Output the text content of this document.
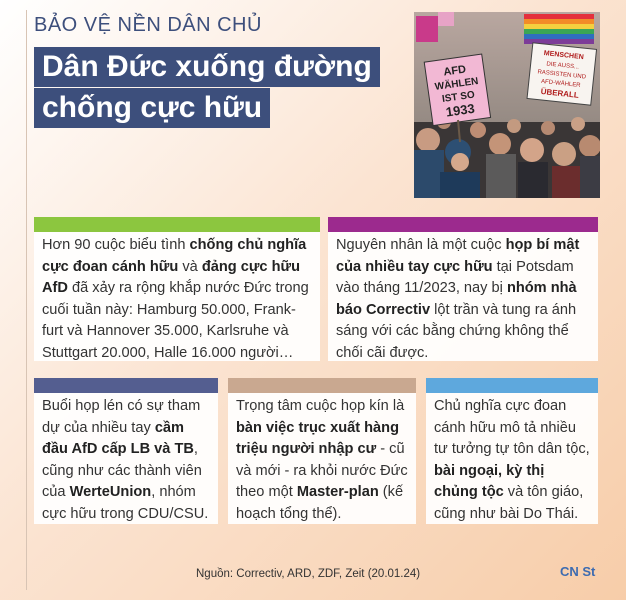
BẢO VỆ NỀN DÂN CHỦ
Dân Đức xuống đường
chống cực hữu
AFD
WÄHLEN
IST SO
1933
MENSCHEN
DIE AUSS...
RASSISTEN UND
AFD-WÄHLER
ÜBERALL
Hơn 90 cuộc biểu tình chống chủ nghĩa cực đoan cánh hữu và đảng cực hữu AfD đã xảy ra rộng khắp nước Đức trong cuối tuần này: Hamburg 50.000, Frank-furt và Hannover 35.000, Karlsruhe và Stuttgart 20.000, Halle 16.000 người…
Nguyên nhân là một cuộc họp bí mật của nhiều tay cực hữu tại Potsdam vào tháng 11/2023, nay bị nhóm nhà báo Correctiv lột trần và tung ra ánh sáng với các bằng chứng không thể chối cãi được.
Buổi họp lén có sự tham dự của nhiều tay cầm đầu AfD cấp LB và TB, cũng như các thành viên của WerteUnion, nhóm cực hữu trong CDU/CSU.
Trọng tâm cuộc họp kín là bàn việc trục xuất hàng triệu người nhập cư - cũ và mới - ra khỏi nước Đức theo một Master-plan (kế hoạch tổng thể).
Chủ nghĩa cực đoan cánh hữu mô tả nhiều tư tưởng tự tôn dân tộc, bài ngoại, kỳ thị chủng tộc và tôn giáo, cũng như bài Do Thái.
Nguồn: Correctiv, ARD, ZDF, Zeit (20.01.24)	CN St
